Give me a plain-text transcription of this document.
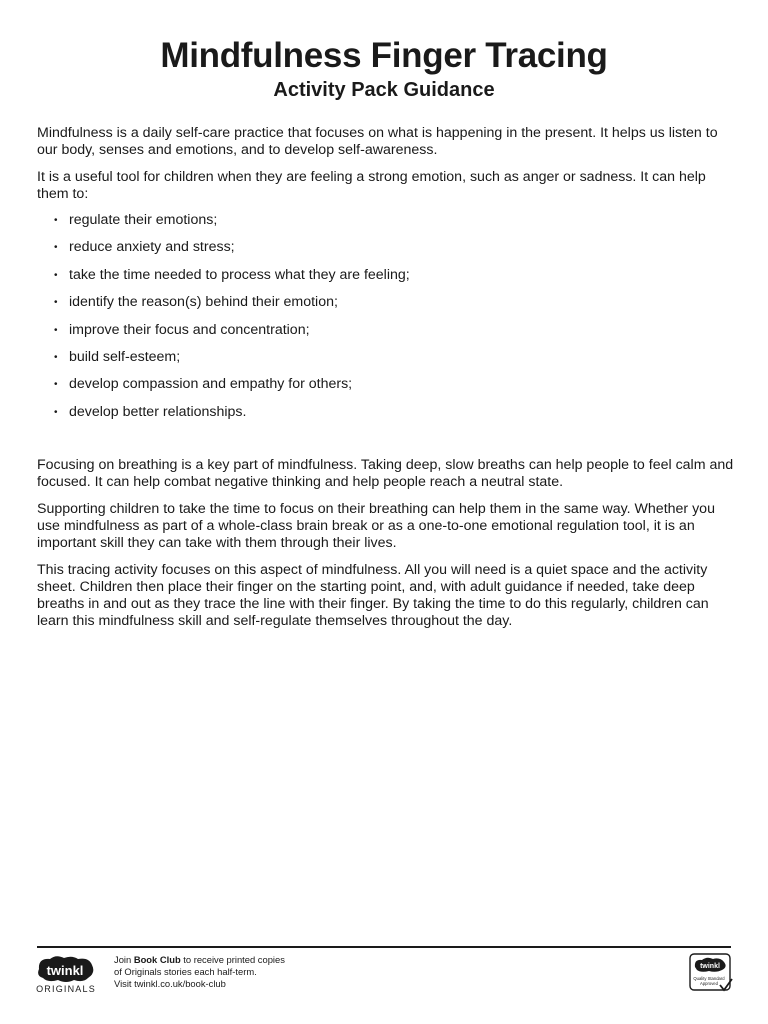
Mindfulness Finger Tracing
Activity Pack Guidance

Mindfulness is a daily self-care practice that focuses on what is happening in the present. It helps us listen to our body, senses and emotions, and to develop self-awareness.

It is a useful tool for children when they are feeling a strong emotion, such as anger or sadness. It can help them to:

• regulate their emotions;
• reduce anxiety and stress;
• take the time needed to process what they are feeling;
• identify the reason(s) behind their emotion;
• improve their focus and concentration;
• build self-esteem;
• develop compassion and empathy for others;
• develop better relationships.

Focusing on breathing is a key part of mindfulness. Taking deep, slow breaths can help people to feel calm and focused. It can help combat negative thinking and help people reach a neutral state.

Supporting children to take the time to focus on their breathing can help them in the same way. Whether you use mindfulness as part of a whole-class brain break or as a one-to-one emotional regulation tool, it is an important skill they can take with them through their lives.

This tracing activity focuses on this aspect of mindfulness. All you will need is a quiet space and the activity sheet. Children then place their finger on the starting point, and, with adult guidance if needed, take deep breaths in and out as they trace the line with their finger. By taking the time to do this regularly, children can learn this mindfulness skill and self-regulate themselves throughout the day.

twinkl
ORIGINALS
Join Book Club to receive printed copies
of Originals stories each half-term.
Visit twinkl.co.uk/book-club
twinkl
Quality Standard
Approved
